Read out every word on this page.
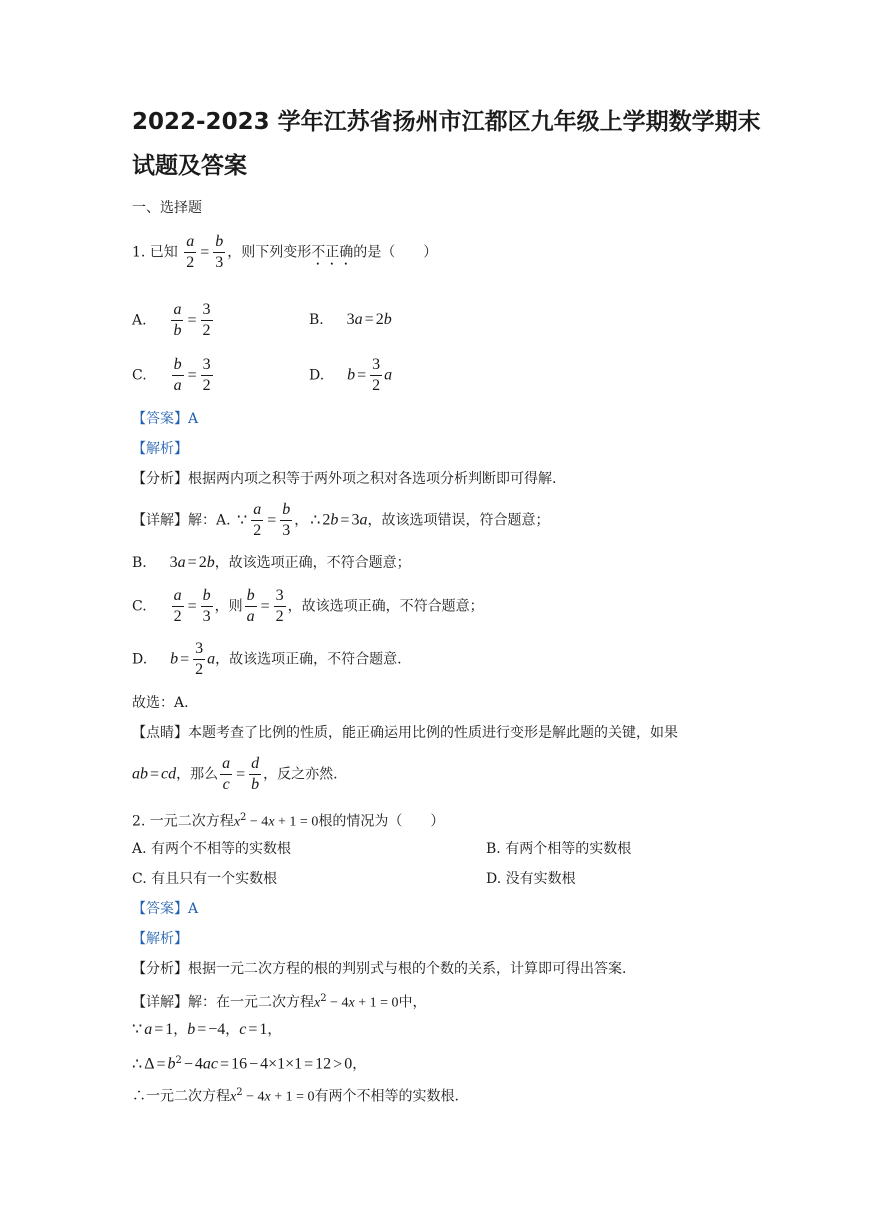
2022-2023 学年江苏省扬州市江都区九年级上学期数学期末
试题及答案
一、选择题
1. 已知 $\frac{a}{2} = \frac{b}{3}$ ，则下列变形不正确的是（　　）
A. $\frac{a}{b} = \frac{3}{2}$	B. 3a = 2b
C. $\frac{b}{a} = \frac{3}{2}$	D. $b = \frac{3}{2}$ a
【答案】A
【解析】
【分析】根据两内项之积等于两外项之积对各选项分析判断即可得解.
【详解】解：A. ∵ $\frac{a}{2} = \frac{b}{3}$ ， ∴ 2b = 3a，故该选项错误，符合题意；
B. 3a = 2b，故该选项正确，不符合题意；
C. $\frac{a}{2} = \frac{b}{3}$ ，则 $\frac{b}{a} = \frac{3}{2}$ ，故该选项正确，不符合题意；
D. $b = \frac{3}{2}$ a，故该选项正确，不符合题意.
故选：A.
【点睛】本题考查了比例的性质，能正确运用比例的性质进行变形是解此题的关键，如果
ab = cd，那么 $\frac{a}{c} = \frac{d}{b}$ ，反之亦然.
2. 一元二次方程$x^2 - 4x + 1 = 0$根的情况为（　　）
A. 有两个不相等的实数根	B. 有两个相等的实数根
C. 有且只有一个实数根	D. 没有实数根
【答案】A
【解析】
【分析】根据一元二次方程的根的判别式与根的个数的关系，计算即可得出答案.
【详解】解：在一元二次方程$x^2 - 4x + 1 = 0$中，
∵ a = 1，b = −4，c = 1，
∴ $\Delta = b^2 - 4ac = 16 - 4\times 1\times 1 = 12 > 0$，
∴一元二次方程$x^2 - 4x + 1 = 0$有两个不相等的实数根.
